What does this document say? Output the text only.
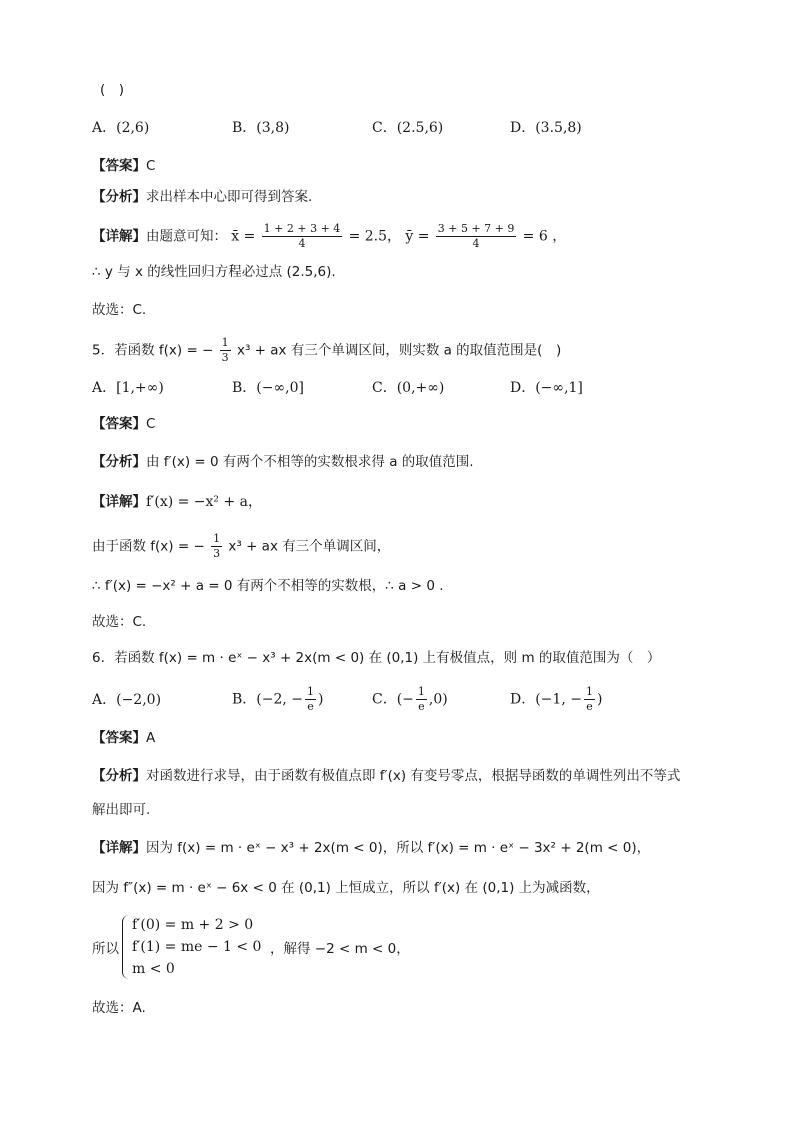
(　)
A．(2,6)	B．(3,8)	C．(2.5,6)	D．(3.5,8)
【答案】C
【分析】求出样本中心即可得到答案.
【详解】由题意可知： x̄ = $\frac{1 + 2 + 3 + 4}{4} = 2.5$， ȳ = $\frac{3 + 5 + 7 + 9}{4} = 6$ ，
∴ y 与 x 的线性回归方程必过点 (2.5,6).
故选：C.
5．若函数 f(x) = − $\frac{1}{3} x^3$ + ax 有三个单调区间，则实数 a 的取值范围是(　)
A．[1,+∞)	B．(−∞,0]	C．(0,+∞)	D．(−∞,1]
【答案】C
【分析】由 f′(x) = 0 有两个不相等的实数根求得 a 的取值范围.
【详解】f′(x) = −x² + a，
由于函数 f(x) = − $\frac{1}{3} x^3$ + ax 有三个单调区间，
∴ f′(x) = −x² + a = 0 有两个不相等的实数根，∴ a > 0 .
故选：C.
6．若函数 f(x) = m · eˣ − x³ + 2x(m < 0) 在 (0,1) 上有极值点，则 m 的取值范围为（　）
A．(−2,0)	B．(−2, − $\frac{1}{e}$ )	C．(− $\frac{1}{e} ,0$)	D．(−1, − $\frac{1}{e}$ )
【答案】A
【分析】对函数进行求导，由于函数有极值点即 f′(x) 有变号零点，根据导函数的单调性列出不等式
解出即可.
【详解】因为 f(x) = m · eˣ − x³ + 2x(m < 0)，所以 f′(x) = m · eˣ − 3x² + 2(m < 0)，
因为 f″(x) = m · eˣ − 6x < 0 在 (0,1) 上恒成立，所以 f′(x) 在 (0,1) 上为减函数，
所以
f′(0) = m + 2 > 0
f′(1) = me − 1 < 0
m < 0
，解得 −2 < m < 0，
故选：A.
